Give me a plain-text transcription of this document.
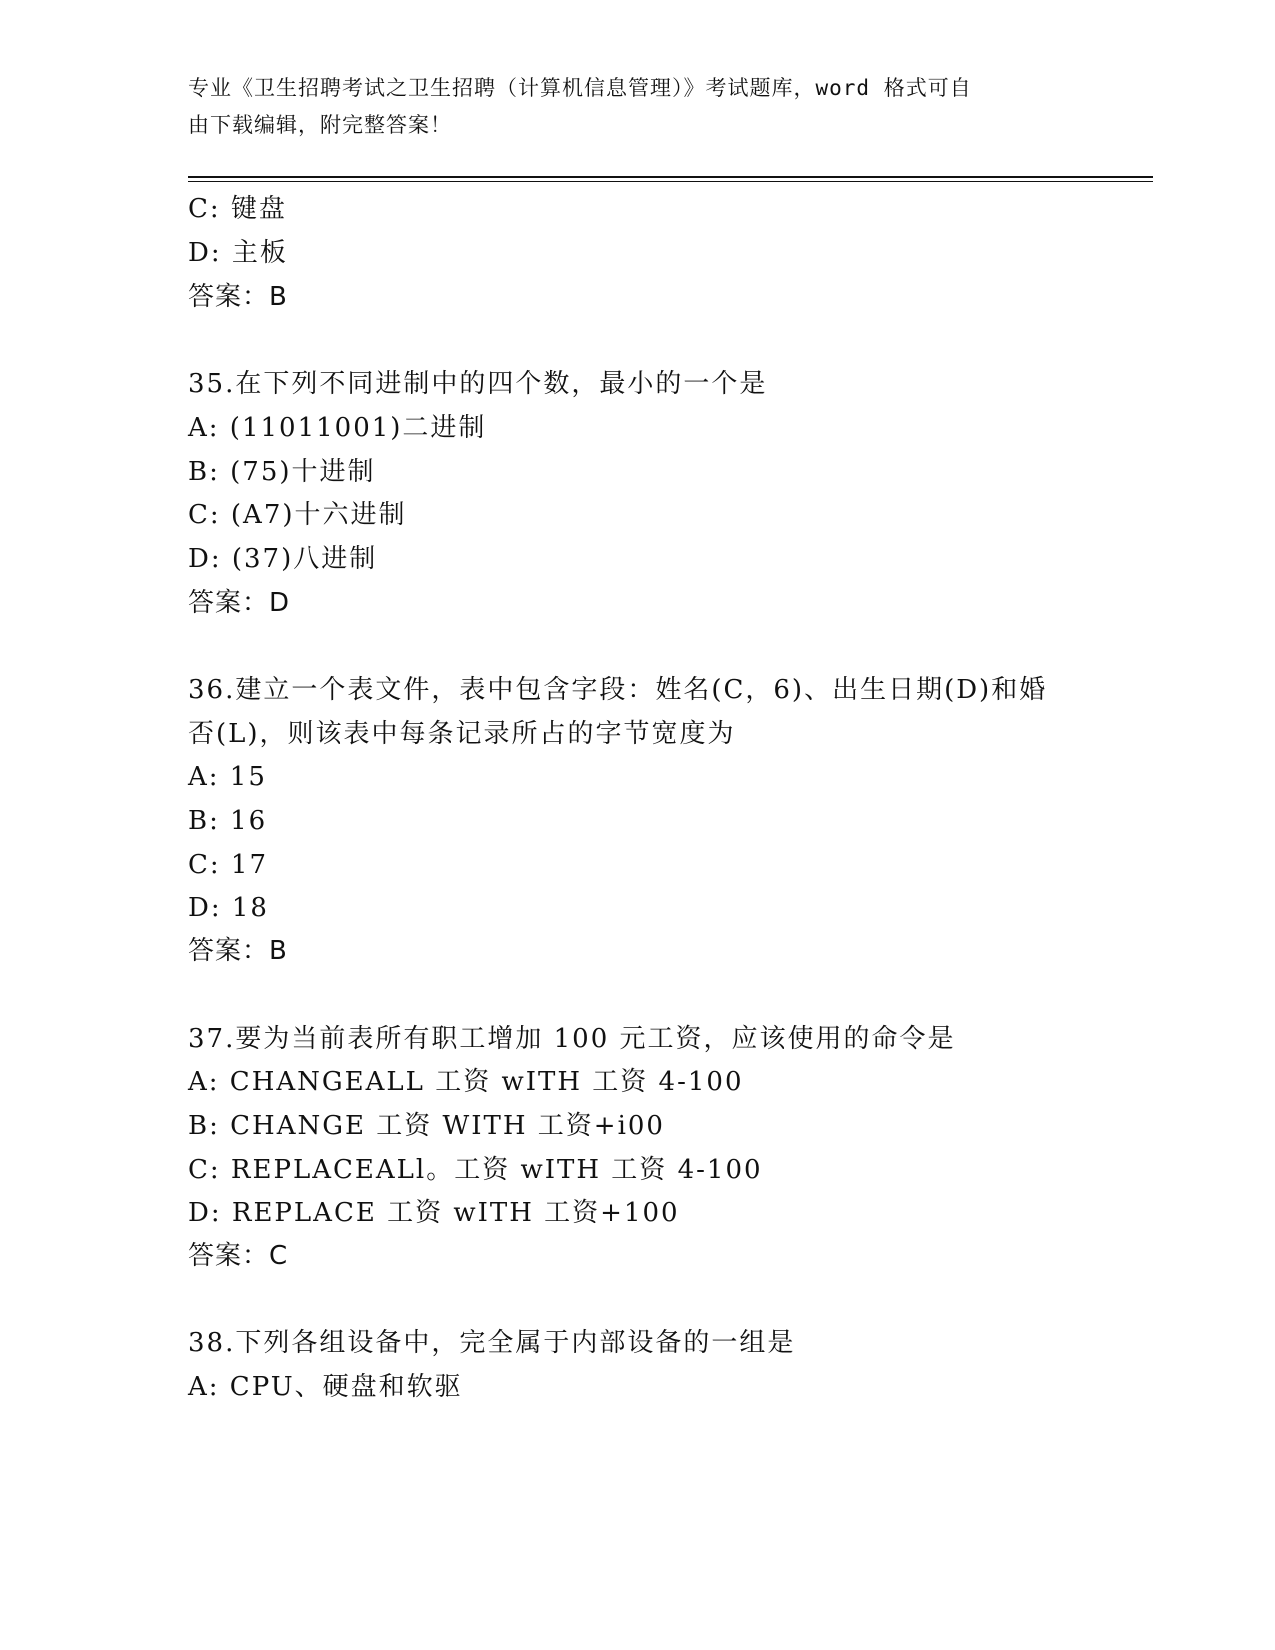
专业《卫生招聘考试之卫生招聘（计算机信息管理）》考试题库，word 格式可自
由下载编辑，附完整答案！
C: 键盘
D: 主板
答案：B
35.在下列不同进制中的四个数，最小的一个是
A: (11011001)二进制
B: (75)十进制
C: (A7)十六进制
D: (37)八进制
答案：D
36.建立一个表文件，表中包含字段：姓名(C，6)、出生日期(D)和婚
否(L)，则该表中每条记录所占的字节宽度为
A: 15
B: 16
C: 17
D: 18
答案：B
37.要为当前表所有职工增加 100 元工资，应该使用的命令是
A: CHANGEALL 工资 wITH 工资 4-100
B: CHANGE 工资 WITH 工资+i00
C: REPLACEALl。工资 wITH 工资 4-100
D: REPLACE 工资 wITH 工资+100
答案：C
38.下列各组设备中，完全属于内部设备的一组是
A: CPU、硬盘和软驱
